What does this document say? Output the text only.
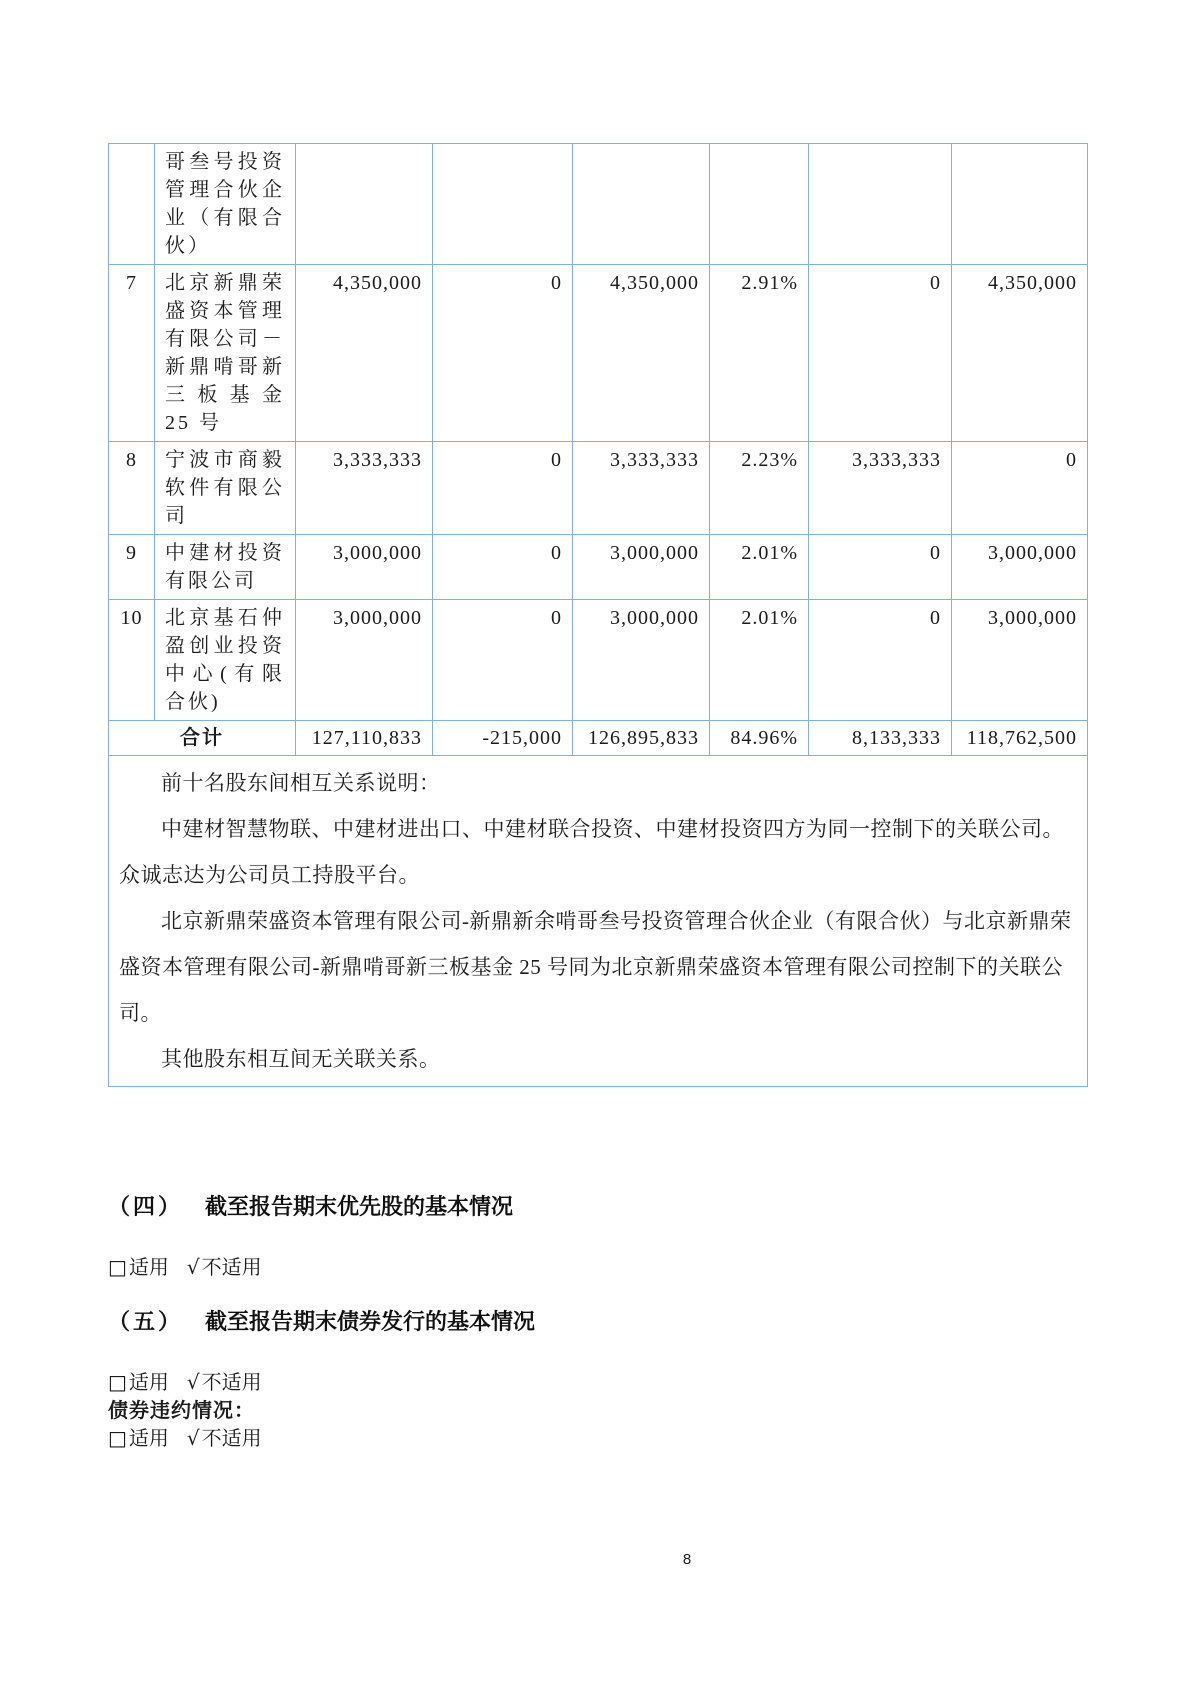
	哥叁号投资管理合伙企业（有限合伙）						
7	北京新鼎荣盛资本管理有限公司－新鼎啃哥新三板基金 25 号	4,350,000	0	4,350,000	2.91%	0	4,350,000
8	宁波市商毅软件有限公司	3,333,333	0	3,333,333	2.23%	3,333,333	0
9	中建材投资有限公司	3,000,000	0	3,000,000	2.01%	0	3,000,000
10	北京基石仲盈创业投资中心(有限合伙)	3,000,000	0	3,000,000	2.01%	0	3,000,000
合计		127,110,833	-215,000	126,895,833	84.96%	8,133,333	118,762,500

前十名股东间相互关系说明：

中建材智慧物联、中建材进出口、中建材联合投资、中建材投资四方为同一控制下的关联公司。众诚志达为公司员工持股平台。

北京新鼎荣盛资本管理有限公司-新鼎新余啃哥叁号投资管理合伙企业（有限合伙）与北京新鼎荣盛资本管理有限公司-新鼎啃哥新三板基金 25 号同为北京新鼎荣盛资本管理有限公司控制下的关联公司。

其他股东相互间无关联关系。							

（四） 截至报告期末优先股的基本情况
□ 适用 √ 不适用
（五） 截至报告期末债券发行的基本情况
□ 适用 √ 不适用
债券违约情况：
□ 适用 √ 不适用
8
